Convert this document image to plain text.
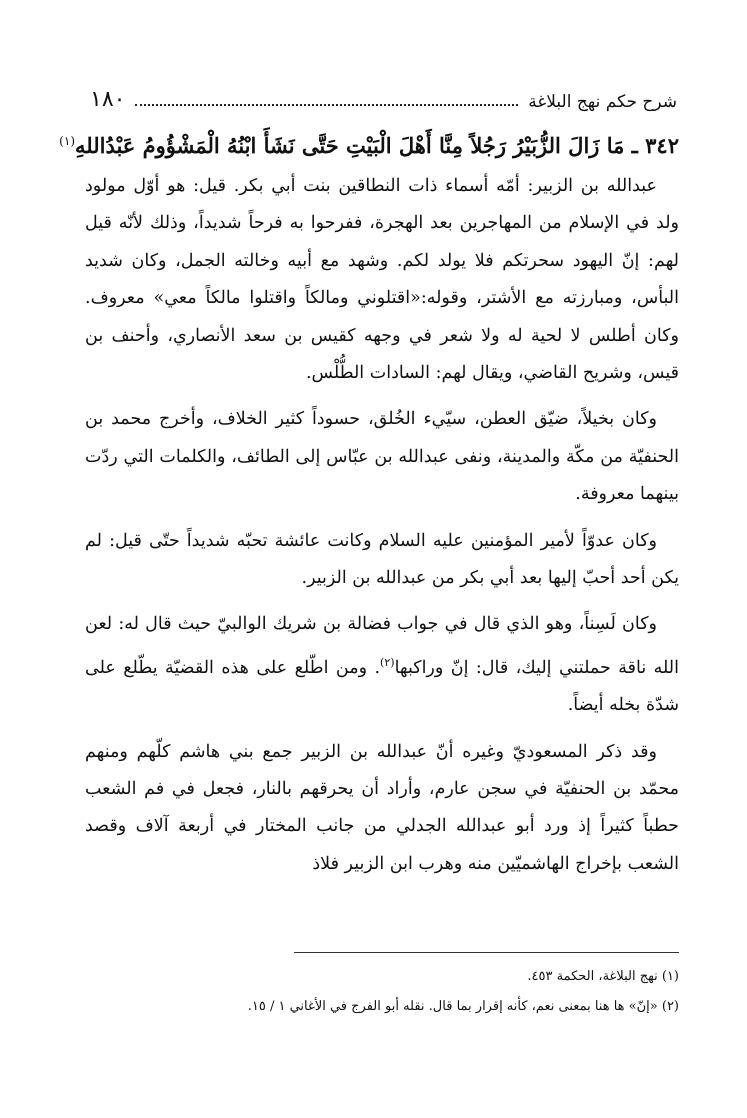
شرح حكم نهج البلاغة
١٨٠
٣٤٢ ـ مَا زَالَ الزُّبَيْرُ رَجُلاً مِنَّا أَهْلَ الْبَيْتِ حَتَّى نَشَأَ ابْنُهُ الْمَشْؤُومُ عَبْدُاللهِ$^{(١)}$

عبدالله بن الزبير: أمّه أسماء ذات النطاقين بنت أبي بكر. قيل: هو أوّل مولود ولد في الإسلام من المهاجرين بعد الهجرة، ففرحوا به فرحاً شديداً، وذلك لأنّه قيل لهم: إنّ اليهود سحرتكم فلا يولد لكم. وشهد مع أبيه وخالته الجمل، وكان شديد البأس، ومبارزته مع الأشتر، وقوله:«اقتلوني ومالكاً واقتلوا مالكاً معي» معروف. وكان أطلس لا لحية له ولا شعر في وجهه كقيس بن سعد الأنصاري، وأحنف بن قيس، وشريح القاضي، ويقال لهم: السادات الطُّلْس.

وكان بخيلاً، ضيّق العطن، سيّيء الخُلق، حسوداً كثير الخلاف، وأخرج محمد بن الحنفيّة من مكّة والمدينة، ونفى عبدالله بن عبّاس إلى الطائف، والكلمات التي ردّت بينهما معروفة.

وكان عدوّاً لأمير المؤمنين عليه السلام وكانت عائشة تحبّه شديداً حتّى قيل: لم يكن أحد أحبّ إليها بعد أبي بكر من عبدالله بن الزبير.

وكان لَسِناً، وهو الذي قال في جواب فضالة بن شريك الوالبيّ حيث قال له: لعن الله ناقة حملتني إليك، قال: إنّ وراكبها$^{(٢)}$. ومن اطّلع على هذه القضيّة يطّلع على شدّة بخله أيضاً.

وقد ذكر المسعوديّ وغيره أنّ عبدالله بن الزبير جمع بني هاشم كلّهم ومنهم محمّد بن الحنفيّة في سجن عارم، وأراد أن يحرقهم بالنار، فجعل في فم الشعب حطباً كثيراً إذ ورد أبو عبدالله الجدلي من جانب المختار في أربعة آلاف وقصد الشعب بإخراج الهاشميّين منه وهرب ابن الزبير فلاذ

(١) نهج البلاغة، الحكمة ٤٥٣.

(٢) «إنّ» ها هنا بمعنى نعم، كأنه إقرار بما قال. نقله أبو الفرج في الأغاني ١ / ١٥.
